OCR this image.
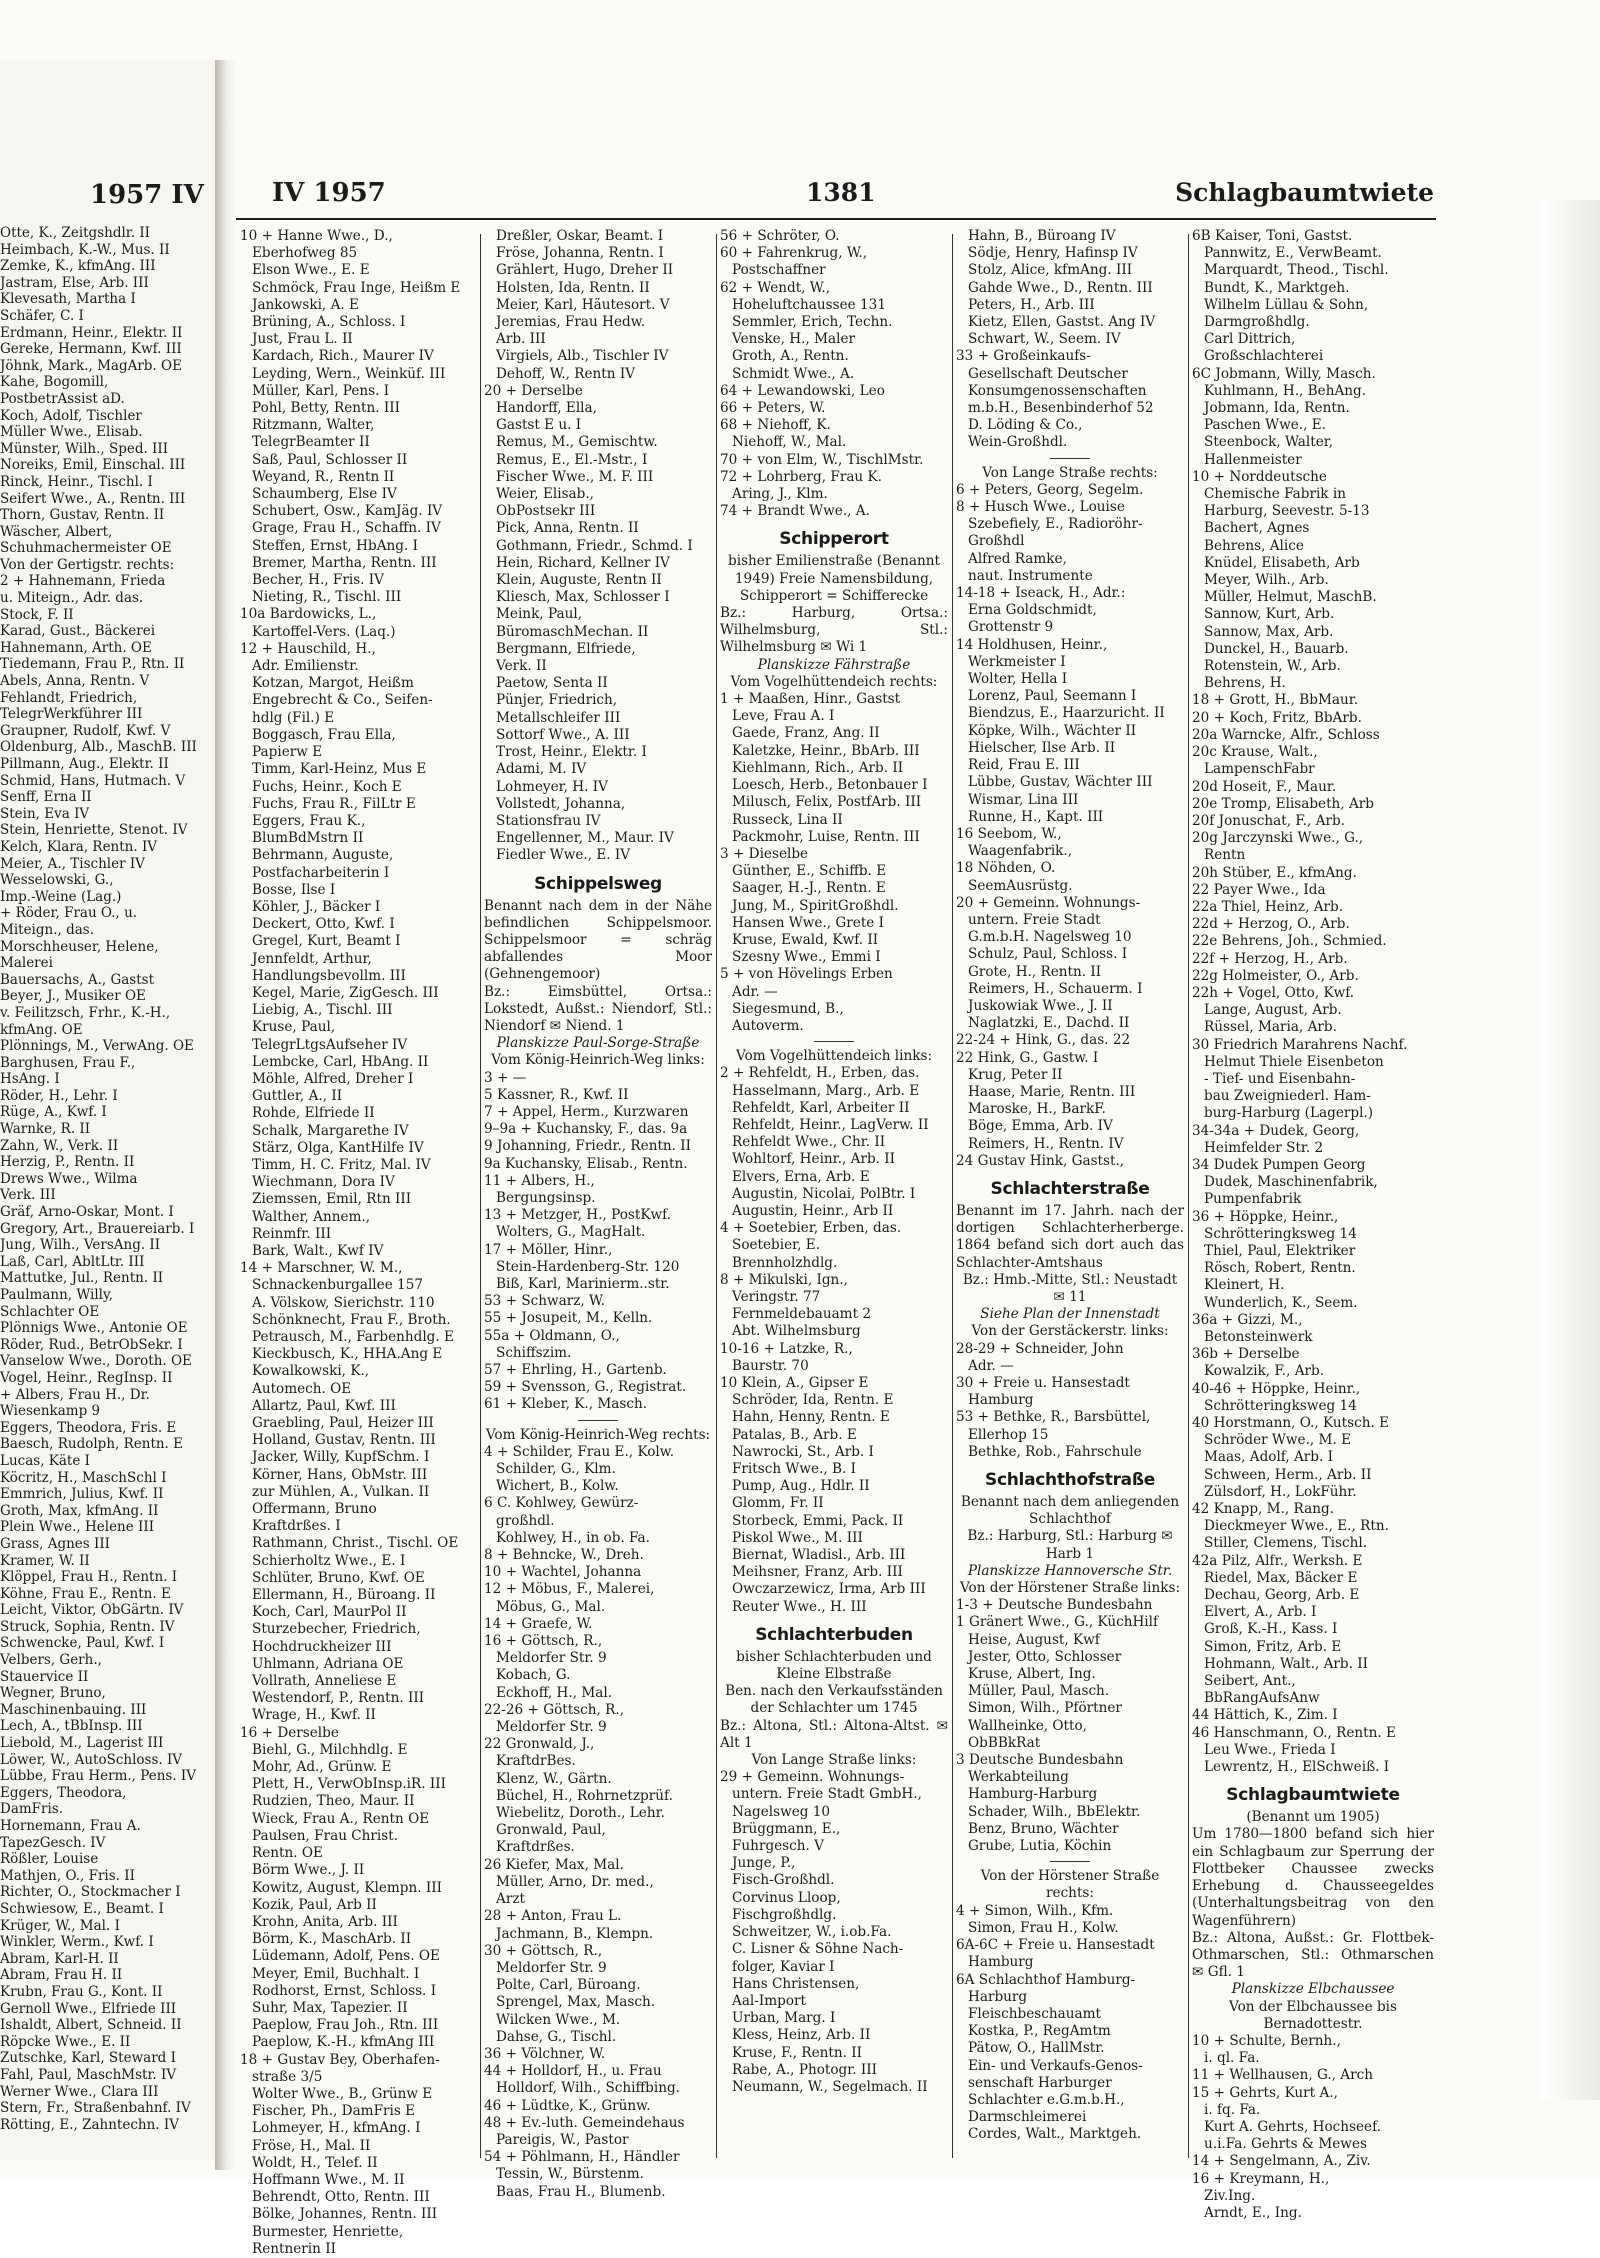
1957 IV
Otte, K., Zeitgshdlr. II
Heimbach, K.-W., Mus. II
Zemke, K., kfmAng. III
Jastram, Else, Arb. III
Klevesath, Martha I
Schäfer, C. I
Erdmann, Heinr., Elektr. II
Gereke, Hermann, Kwf. III
Jöhnk, Mark., MagArb. OE
Kahe, Bogomill,
PostbetrAssist aD.
Koch, Adolf, Tischler
Müller Wwe., Elisab.
Münster, Wilh., Sped. III
Noreiks, Emil, Einschal. III
Rinck, Heinr., Tischl. I
Seifert Wwe., A., Rentn. III
Thorn, Gustav, Rentn. II
Wäscher, Albert,
Schuhmachermeister OE
Von der Gertigstr. rechts:
2 + Hahnemann, Frieda
u. Miteign., Adr. das.
Stock, F. II
Karad, Gust., Bäckerei
Hahnemann, Arth. OE
Tiedemann, Frau P., Rtn. II
Abels, Anna, Rentn. V
Fehlandt, Friedrich,
TelegrWerkführer III
Graupner, Rudolf, Kwf. V
Oldenburg, Alb., MaschB. III
Pillmann, Aug., Elektr. II
Schmid, Hans, Hutmach. V
Senff, Erna II
Stein, Eva IV
Stein, Henriette, Stenot. IV
Kelch, Klara, Rentn. IV
Meier, A., Tischler IV
Wesselowski, G.,
Imp.-Weine (Lag.)
+ Röder, Frau O., u.
Miteign., das.
Morschheuser, Helene,
Malerei
Bauersachs, A., Gastst
Beyer, J., Musiker OE
v. Feilitzsch, Frhr., K.-H.,
kfmAng. OE
Plönnings, M., VerwAng. OE
Barghusen, Frau F.,
HsAng. I
Röder, H., Lehr. I
Rüge, A., Kwf. I
Warnke, R. II
Zahn, W., Verk. II
Herzig, P., Rentn. II
Drews Wwe., Wilma
Verk. III
Gräf, Arno-Oskar, Mont. I
Gregory, Art., Brauereiarb. I
Jung, Wilh., VersAng. II
Laß, Carl, AbltLtr. III
Mattutke, Jul., Rentn. II
Paulmann, Willy,
Schlachter OE
Plönnigs Wwe., Antonie OE
Röder, Rud., BetrObSekr. I
Vanselow Wwe., Doroth. OE
Vogel, Heinr., RegInsp. II
+ Albers, Frau H., Dr.
Wiesenkamp 9
Eggers, Theodora, Fris. E
Baesch, Rudolph, Rentn. E
Lucas, Käte I
Köcritz, H., MaschSchl I
Emmrich, Julius, Kwf. II
Groth, Max, kfmAng. II
Plein Wwe., Helene III
Grass, Agnes III
Kramer, W. II
Klöppel, Frau H., Rentn. I
Köhne, Frau E., Rentn. E
Leicht, Viktor, ObGärtn. IV
Struck, Sophia, Rentn. IV
Schwencke, Paul, Kwf. I
Velbers, Gerh.,
Stauervice II
Wegner, Bruno,
Maschinenbauing. III
Lech, A., tBbInsp. III
Liebold, M., Lagerist III
Löwer, W., AutoSchloss. IV
Lübbe, Frau Herm., Pens. IV
Eggers, Theodora,
DamFris.
Hornemann, Frau A.
TapezGesch. IV
Rößler, Louise
Mathjen, O., Fris. II
Richter, O., Stockmacher I
Schwiesow, E., Beamt. I
Krüger, W., Mal. I
Winkler, Werm., Kwf. I
Abram, Karl-H. II
Abram, Frau H. II
Krubn, Frau G., Kont. II
Gernoll Wwe., Elfriede III
Ishaldt, Albert, Schneid. II
Röpcke Wwe., E. II
Zutschke, Karl, Steward I
Fahl, Paul, MaschMstr. IV
Werner Wwe., Clara III
Stern, Fr., Straßenbahnf. IV
Rötting, E., Zahntechn. IV
IV 1957	1381	Schlagbaumtwiete
10 + Hanne Wwe., D.,
Eberhofweg 85
Elson Wwe., E. E
Schmöck, Frau Inge, Heißm E
Jankowski, A. E
Brüning, A., Schloss. I
Just, Frau L. II
Kardach, Rich., Maurer IV
Leyding, Wern., Weinküf. III
Müller, Karl, Pens. I
Pohl, Betty, Rentn. III
Ritzmann, Walter,
TelegrBeamter II
Saß, Paul, Schlosser II
Weyand, R., Rentn II
Schaumberg, Else IV
Schubert, Osw., KamJäg. IV
Grage, Frau H., Schaffn. IV
Steffen, Ernst, HbAng. I
Bremer, Martha, Rentn. III
Becher, H., Fris. IV
Nieting, R., Tischl. III
10a Bardowicks, L.,
Kartoffel-Vers. (Laq.)
12 + Hauschild, H.,
Adr. Emilienstr.
Kotzan, Margot, Heißm
Engebrecht & Co., Seifen-
hdlg (Fil.) E
Boggasch, Frau Ella,
Papierw E
Timm, Karl-Heinz, Mus E
Fuchs, Heinr., Koch E
Fuchs, Frau R., FilLtr E
Eggers, Frau K.,
BlumBdMstrn II
Behrmann, Auguste,
Postfacharbeiterin I
Bosse, Ilse I
Köhler, J., Bäcker I
Deckert, Otto, Kwf. I
Gregel, Kurt, Beamt I
Jennfeldt, Arthur,
Handlungsbevollm. III
Kegel, Marie, ZigGesch. III
Liebig, A., Tischl. III
Kruse, Paul,
TelegrLtgsAufseher IV
Lembcke, Carl, HbAng. II
Möhle, Alfred, Dreher I
Guttler, A., II
Rohde, Elfriede II
Schalk, Margarethe IV
Stärz, Olga, KantHilfe IV
Timm, H. C. Fritz, Mal. IV
Wiechmann, Dora IV
Ziemssen, Emil, Rtn III
Walther, Annem.,
Reinmfr. III
Bark, Walt., Kwf IV
14 + Marschner, W. M.,
Schnackenburgallee 157
A. Völskow, Sierichstr. 110
Schönknecht, Frau F., Broth.
Petrausch, M., Farbenhdlg. E
Kieckbusch, K., HHA.Ang E
Kowalkowski, K.,
Automech. OE
Allartz, Paul, Kwf. III
Graebling, Paul, Heizer III
Holland, Gustav, Rentn. III
Jacker, Willy, KupfSchm. I
Körner, Hans, ObMstr. III
zur Mühlen, A., Vulkan. II
Offermann, Bruno
Kraftdrßes. I
Rathmann, Christ., Tischl. OE
Schierholtz Wwe., E. I
Schlüter, Bruno, Kwf. OE
Ellermann, H., Büroang. II
Koch, Carl, MaurPol II
Sturzebecher, Friedrich,
Hochdruckheizer III
Uhlmann, Adriana OE
Vollrath, Anneliese E
Westendorf, P., Rentn. III
Wrage, H., Kwf. II
16 + Derselbe
Biehl, G., Milchhdlg. E
Mohr, Ad., Grünw. E
Plett, H., VerwObInsp.iR. III
Rudzien, Theo, Maur. II
Wieck, Frau A., Rentn OE
Paulsen, Frau Christ.
Rentn. OE
Börm Wwe., J. II
Kowitz, August, Klempn. III
Kozik, Paul, Arb II
Krohn, Anita, Arb. III
Börm, K., MaschArb. II
Lüdemann, Adolf, Pens. OE
Meyer, Emil, Buchhalt. I
Rodhorst, Ernst, Schloss. I
Suhr, Max, Tapezier. II
Paeplow, Frau Joh., Rtn. III
Paeplow, K.-H., kfmAng III
18 + Gustav Bey, Oberhafen-
straße 3/5
Wolter Wwe., B., Grünw E
Fischer, Ph., DamFris E
Lohmeyer, H., kfmAng. I
Fröse, H., Mal. II
Woldt, H., Telef. II
Hoffmann Wwe., M. II
Behrendt, Otto, Rentn. III
Bölke, Johannes, Rentn. III
Burmester, Henriette,
Rentnerin II
Dreßler, Oskar, Beamt. I
Fröse, Johanna, Rentn. I
Grählert, Hugo, Dreher II
Holsten, Ida, Rentn. II
Meier, Karl, Häutesort. V
Jeremias, Frau Hedw.
Arb. III
Virgiels, Alb., Tischler IV
Dehoff, W., Rentn IV
20 + Derselbe
Handorff, Ella,
Gastst E u. I
Remus, M., Gemischtw.
Remus, E., El.-Mstr., I
Fischer Wwe., M. F. III
Weier, Elisab.,
ObPostsekr III
Pick, Anna, Rentn. II
Gothmann, Friedr., Schmd. I
Hein, Richard, Kellner IV
Klein, Auguste, Rentn II
Kliesch, Max, Schlosser I
Meink, Paul,
BüromaschMechan. II
Bergmann, Elfriede,
Verk. II
Paetow, Senta II
Pünjer, Friedrich,
Metallschleifer III
Sottorf Wwe., A. III
Trost, Heinr., Elektr. I
Adami, M. IV
Lohmeyer, H. IV
Vollstedt, Johanna,
Stationsfrau IV
Engellenner, M., Maur. IV
Fiedler Wwe., E. IV
Schippelsweg
Benannt nach dem in der Nähe befindlichen Schippelsmoor. Schippelsmoor = schräg abfallendes Moor (Gehnengemoor)
Bz.: Eimsbüttel, Ortsa.: Lokstedt, Außst.: Niendorf, Stl.: Niendorf ✉ Niend. 1
Planskizze Paul-Sorge-Straße
Vom König-Heinrich-Weg links:
3 + —
5 Kassner, R., Kwf. II
7 + Appel, Herm., Kurzwaren
9–9a + Kuchansky, F., das. 9a
9 Johanning, Friedr., Rentn. II
9a Kuchansky, Elisab., Rentn.
11 + Albers, H.,
Bergungsinsp.
13 + Metzger, H., PostKwf.
Wolters, G., MagHalt.
17 + Möller, Hinr.,
Stein-Hardenberg-Str. 120
Biß, Karl, Marinierm..str.
53 + Schwarz, W.
55 + Josupeit, M., Kelln.
55a + Oldmann, O.,
Schiffszim.
57 + Ehrling, H., Gartenb.
59 + Svensson, G., Registrat.
61 + Kleber, K., Masch.
Vom König-Heinrich-Weg rechts:
4 + Schilder, Frau E., Kolw.
Schilder, G., Klm.
Wichert, B., Kolw.
6 C. Kohlwey, Gewürz-
großhdl.
Kohlwey, H., in ob. Fa.
8 + Behncke, W., Dreh.
10 + Wachtel, Johanna
12 + Möbus, F., Malerei,
Möbus, G., Mal.
14 + Graefe, W.
16 + Göttsch, R.,
Meldorfer Str. 9
Kobach, G.
Eckhoff, H., Mal.
22-26 + Göttsch, R.,
Meldorfer Str. 9
22 Gronwald, J.,
KraftdrBes.
Klenz, W., Gärtn.
Büchel, H., Rohrnetzprüf.
Wiebelitz, Doroth., Lehr.
Gronwald, Paul,
Kraftdrßes.
26 Kiefer, Max, Mal.
Müller, Arno, Dr. med.,
Arzt
28 + Anton, Frau L.
Jachmann, B., Klempn.
30 + Göttsch, R.,
Meldorfer Str. 9
Polte, Carl, Büroang.
Sprengel, Max, Masch.
Wilcken Wwe., M.
Dahse, G., Tischl.
36 + Völchner, W.
44 + Holldorf, H., u. Frau
Holldorf, Wilh., Schiffbing.
46 + Lüdtke, K., Grünw.
48 + Ev.-luth. Gemeindehaus
Pareigis, W., Pastor
54 + Pöhlmann, H., Händler
Tessin, W., Bürstenm.
Baas, Frau H., Blumenb.
56 + Schröter, O.
60 + Fahrenkrug, W.,
Postschaffner
62 + Wendt, W.,
Hoheluftchaussee 131
Semmler, Erich, Techn.
Venske, H., Maler
Groth, A., Rentn.
Schmidt Wwe., A.
64 + Lewandowski, Leo
66 + Peters, W.
68 + Niehoff, K.
Niehoff, W., Mal.
70 + von Elm, W., TischlMstr.
72 + Lohrberg, Frau K.
Aring, J., Klm.
74 + Brandt Wwe., A.
Schipperort
bisher Emilienstraße (Benannt 1949) Freie Namensbildung, Schipperort = Schifferecke
Bz.: Harburg, Ortsa.: Wilhelmsburg, Stl.: Wilhelmsburg ✉ Wi 1
Planskizze Fährstraße
Vom Vogelhüttendeich rechts:
1 + Maaßen, Hinr., Gastst
Leve, Frau A. I
Gaede, Franz, Ang. II
Kaletzke, Heinr., BbArb. III
Kiehlmann, Rich., Arb. II
Loesch, Herb., Betonbauer I
Milusch, Felix, PostfArb. III
Russeck, Lina II
Packmohr, Luise, Rentn. III
3 + Dieselbe
Günther, E., Schiffb. E
Saager, H.-J., Rentn. E
Jung, M., SpiritGroßhdl.
Hansen Wwe., Grete I
Kruse, Ewald, Kwf. II
Szesny Wwe., Emmi I
5 + von Hövelings Erben
Adr. —
Siegesmund, B.,
Autoverm.
Vom Vogelhüttendeich links:
2 + Rehfeldt, H., Erben, das.
Hasselmann, Marg., Arb. E
Rehfeldt, Karl, Arbeiter II
Rehfeldt, Heinr., LagVerw. II
Rehfeldt Wwe., Chr. II
Wohltorf, Heinr., Arb. II
Elvers, Erna, Arb. E
Augustin, Nicolai, PolBtr. I
Augustin, Heinr., Arb II
4 + Soetebier, Erben, das.
Soetebier, E.
Brennholzhdlg.
8 + Mikulski, Ign.,
Veringstr. 77
Fernmeldebauamt 2
Abt. Wilhelmsburg
10-16 + Latzke, R.,
Baurstr. 70
10 Klein, A., Gipser E
Schröder, Ida, Rentn. E
Hahn, Henny, Rentn. E
Patalas, B., Arb. E
Nawrocki, St., Arb. I
Fritsch Wwe., B. I
Pump, Aug., Hdlr. II
Glomm, Fr. II
Storbeck, Emmi, Pack. II
Piskol Wwe., M. III
Biernat, Wladisl., Arb. III
Meihsner, Franz, Arb. III
Owczarzewicz, Irma, Arb III
Reuter Wwe., H. III
Schlachterbuden
bisher Schlachterbuden und Kleine Elbstraße
Ben. nach den Verkaufsständen der Schlachter um 1745
Bz.: Altona, Stl.: Altona-Altst. ✉ Alt 1
Von Lange Straße links:
29 + Gemeinn. Wohnungs-
untern. Freie Stadt GmbH.,
Nagelsweg 10
Brüggmann, E.,
Fuhrgesch. V
Junge, P.,
Fisch-Großhdl.
Corvinus Lloop,
Fischgroßhdlg.
Schweitzer, W., i.ob.Fa.
C. Lisner & Söhne Nach-
folger, Kaviar I
Hans Christensen,
Aal-Import
Urban, Marg. I
Kless, Heinz, Arb. II
Kruse, F., Rentn. II
Rabe, A., Photogr. III
Neumann, W., Segelmach. II
Hahn, B., Büroang IV
Södje, Henry, Hafinsp IV
Stolz, Alice, kfmAng. III
Gahde Wwe., D., Rentn. III
Peters, H., Arb. III
Kietz, Ellen, Gastst. Ang IV
Schwart, W., Seem. IV
33 + Großeinkaufs-
Gesellschaft Deutscher
Konsumgenossenschaften
m.b.H., Besenbinderhof 52
D. Löding & Co.,
Wein-Großhdl.
Von Lange Straße rechts:
6 + Peters, Georg, Segelm.
8 + Husch Wwe., Louise
Szebefiely, E., Radioröhr-
Großhdl
Alfred Ramke,
naut. Instrumente
14-18 + Iseack, H., Adr.:
Erna Goldschmidt,
Grottenstr 9
14 Holdhusen, Heinr.,
Werkmeister I
Wolter, Hella I
Lorenz, Paul, Seemann I
Biendzus, E., Haarzuricht. II
Köpke, Wilh., Wächter II
Hielscher, Ilse Arb. II
Reid, Frau E. III
Lübbe, Gustav, Wächter III
Wismar, Lina III
Runne, H., Kapt. III
16 Seebom, W.,
Waagenfabrik.,
18 Nöhden, O.
SeemAusrüstg.
20 + Gemeinn. Wohnungs-
untern. Freie Stadt
G.m.b.H. Nagelsweg 10
Schulz, Paul, Schloss. I
Grote, H., Rentn. II
Reimers, H., Schauerm. I
Juskowiak Wwe., J. II
Naglatzki, E., Dachd. II
22-24 + Hink, G., das. 22
22 Hink, G., Gastw. I
Krug, Peter II
Haase, Marie, Rentn. III
Maroske, H., BarkF.
Böge, Emma, Arb. IV
Reimers, H., Rentn. IV
24 Gustav Hink, Gastst.,
Schlachterstraße
Benannt im 17. Jahrh. nach der dortigen Schlachterherberge. 1864 befand sich dort auch das Schlachter-Amtshaus
Bz.: Hmb.-Mitte, Stl.: Neustadt ✉ 11
Siehe Plan der Innenstadt
Von der Gerstäckerstr. links:
28-29 + Schneider, John
Adr. —
30 + Freie u. Hansestadt
Hamburg
53 + Bethke, R., Barsbüttel,
Ellerhop 15
Bethke, Rob., Fahrschule
Schlachthofstraße
Benannt nach dem anliegenden Schlachthof
Bz.: Harburg, Stl.: Harburg ✉ Harb 1
Planskizze Hannoversche Str.
Von der Hörstener Straße links:
1-3 + Deutsche Bundesbahn
1 Gränert Wwe., G., KüchHilf
Heise, August, Kwf
Jester, Otto, Schlosser
Kruse, Albert, Ing.
Müller, Paul, Masch.
Simon, Wilh., Pförtner
Wallheinke, Otto,
ObBBkRat
3 Deutsche Bundesbahn
Werkabteilung
Hamburg-Harburg
Schader, Wilh., BbElektr.
Benz, Bruno, Wächter
Grube, Lutia, Köchin
Von der Hörstener Straße rechts:
4 + Simon, Wilh., Kfm.
Simon, Frau H., Kolw.
6A-6C + Freie u. Hansestadt
Hamburg
6A Schlachthof Hamburg-
Harburg
Fleischbeschauamt
Kostka, P., RegAmtm
Pätow, O., HallMstr.
Ein- und Verkaufs-Genos-
senschaft Harburger
Schlachter e.G.m.b.H.,
Darmschleimerei
Cordes, Walt., Marktgeh.
6B Kaiser, Toni, Gastst.
Pannwitz, E., VerwBeamt.
Marquardt, Theod., Tischl.
Bundt, K., Marktgeh.
Wilhelm Lüllau & Sohn,
Darmgroßhdlg.
Carl Dittrich,
Großschlachterei
6C Jobmann, Willy, Masch.
Kuhlmann, H., BehAng.
Jobmann, Ida, Rentn.
Paschen Wwe., E.
Steenbock, Walter,
Hallenmeister
10 + Norddeutsche
Chemische Fabrik in
Harburg, Seevestr. 5-13
Bachert, Agnes
Behrens, Alice
Knüdel, Elisabeth, Arb
Meyer, Wilh., Arb.
Müller, Helmut, MaschB.
Sannow, Kurt, Arb.
Sannow, Max, Arb.
Dunckel, H., Bauarb.
Rotenstein, W., Arb.
Behrens, H.
18 + Grott, H., BbMaur.
20 + Koch, Fritz, BbArb.
20a Warncke, Alfr., Schloss
20c Krause, Walt.,
LampenschFabr
20d Hoseit, F., Maur.
20e Tromp, Elisabeth, Arb
20f Jonuschat, F., Arb.
20g Jarczynski Wwe., G.,
Rentn
20h Stüber, E., kfmAng.
22 Payer Wwe., Ida
22a Thiel, Heinz, Arb.
22d + Herzog, O., Arb.
22e Behrens, Joh., Schmied.
22f + Herzog, H., Arb.
22g Holmeister, O., Arb.
22h + Vogel, Otto, Kwf.
Lange, August, Arb.
Rüssel, Maria, Arb.
30 Friedrich Marahrens Nachf.
Helmut Thiele Eisenbeton
- Tief- und Eisenbahn-
bau Zweigniederl. Ham-
burg-Harburg (Lagerpl.)
34-34a + Dudek, Georg,
Heimfelder Str. 2
34 Dudek Pumpen Georg
Dudek, Maschinenfabrik,
Pumpenfabrik
36 + Höppke, Heinr.,
Schrötteringksweg 14
Thiel, Paul, Elektriker
Rösch, Robert, Rentn.
Kleinert, H.
Wunderlich, K., Seem.
36a + Gizzi, M.,
Betonsteinwerk
36b + Derselbe
Kowalzik, F., Arb.
40-46 + Höppke, Heinr.,
Schrötteringksweg 14
40 Horstmann, O., Kutsch. E
Schröder Wwe., M. E
Maas, Adolf, Arb. I
Schween, Herm., Arb. II
Zülsdorf, H., LokFühr.
42 Knapp, M., Rang.
Dieckmeyer Wwe., E., Rtn.
Stiller, Clemens, Tischl.
42a Pilz, Alfr., Werksh. E
Riedel, Max, Bäcker E
Dechau, Georg, Arb. E
Elvert, A., Arb. I
Groß, K.-H., Kass. I
Simon, Fritz, Arb. E
Hohmann, Walt., Arb. II
Seibert, Ant.,
BbRangAufsAnw
44 Hättich, K., Zim. I
46 Hanschmann, O., Rentn. E
Leu Wwe., Frieda I
Lewrentz, H., ElSchweiß. I
Schlagbaumtwiete
(Benannt um 1905)
Um 1780—1800 befand sich hier ein Schlagbaum zur Sperrung der Flottbeker Chaussee zwecks Erhebung d. Chausseegeldes (Unterhaltungsbeitrag von den Wagenführern)
Bz.: Altona, Außst.: Gr. Flottbek-Othmarschen, Stl.: Othmarschen ✉ Gfl. 1
Planskizze Elbchaussee
Von der Elbchaussee bis Bernadottestr.
10 + Schulte, Bernh.,
i. ql. Fa.
11 + Wellhausen, G., Arch
15 + Gehrts, Kurt A.,
i. fq. Fa.
Kurt A. Gehrts, Hochseef.
u.i.Fa. Gehrts & Mewes
14 + Sengelmann, A., Ziv.
16 + Kreymann, H.,
Ziv.Ing.
Arndt, E., Ing.
